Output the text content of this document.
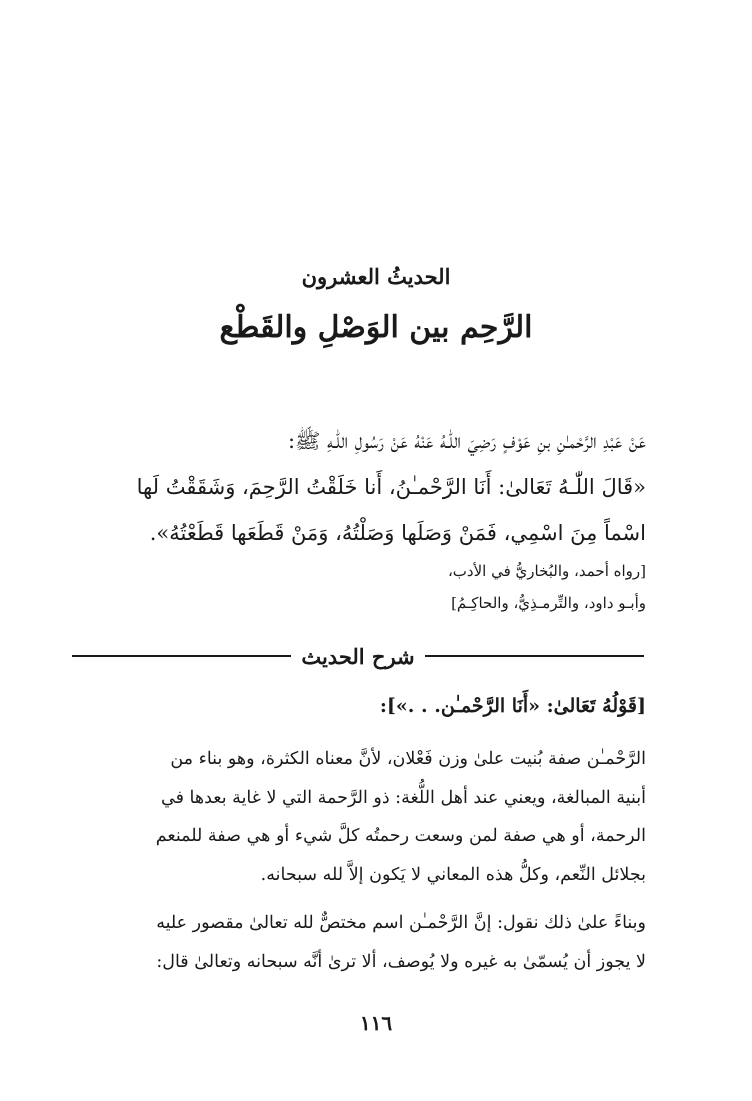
الحديثُ العشرون
الرَّحِم بين الوَصْلِ والقَطْع
عَنْ عَبْدِ الرَّحْمـٰنِ بنِ عَوْفٍ رَضِيَ اللّٰـهُ عَنْهُ عَنْ رَسُولِ اللّٰـهِ ﷺ:
«قَالَ اللّٰـهُ تَعَالىٰ: أَنَا الرَّحْمـٰنُ، أَنا خَلَقْتُ الرَّحِمَ، وَشَقَقْتُ لَها
اسْماً مِنَ اسْمِي، فَمَنْ وَصَلَها وَصَلْتُهُ، وَمَنْ قَطَعَها قَطَعْتُهُ».
[رواه أحمد، والبُخاريُّ في الأدب،
وأبـو داود، والتِّرمـذِيُّ، والحاكِـمُ]
شرح الحديث
[قَوْلُهُ تَعَالىٰ: «أَنَا الرَّحْمـٰن. . .»]:
الرَّحْمـٰن صفة بُنيت علىٰ وزن فَعْلان، لأنَّ معناه الكثرة، وهو بناء من
أبنية المبالغة، ويعني عند أهل اللُّغة: ذو الرَّحمة التي لا غاية بعدها في
الرحمة، أو هي صفة لمن وسعت رحمتُه كلَّ شيء أو هي صفة للمنعم
بجلائل النِّعم، وكلُّ هذه المعاني لا يَكون إلاَّ لله سبحانه.
وبناءً علىٰ ذلك نقول: إنَّ الرَّحْمـٰن اسم مختصٌّ لله تعالىٰ مقصور عليه
لا يجوز أن يُسمّىٰ به غيره ولا يُوصف، ألا ترىٰ أنَّه سبحانه وتعالىٰ قال:
١١٦
